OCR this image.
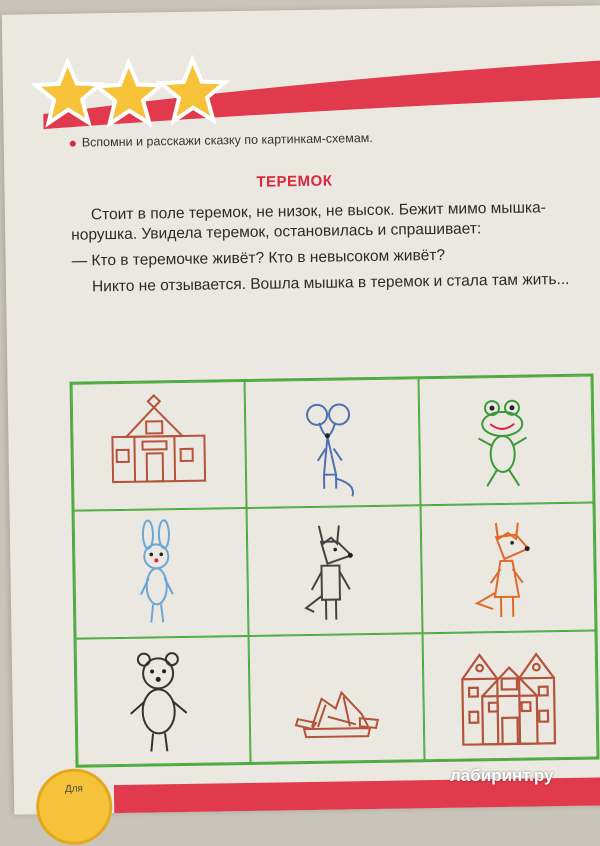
Вспомни и расскажи сказку по картинкам-схемам.
ТЕРЕМОК

Стоит в поле теремок, не низок, не высок. Бежит мимо мышка-норушка. Увидела теремок, остановилась и спрашивает:

— Кто в теремочке живёт? Кто в невысоком живёт?

Никто не отзывается. Вошла мышка в теремок и стала там жить...

Для
лабиринт.ру
